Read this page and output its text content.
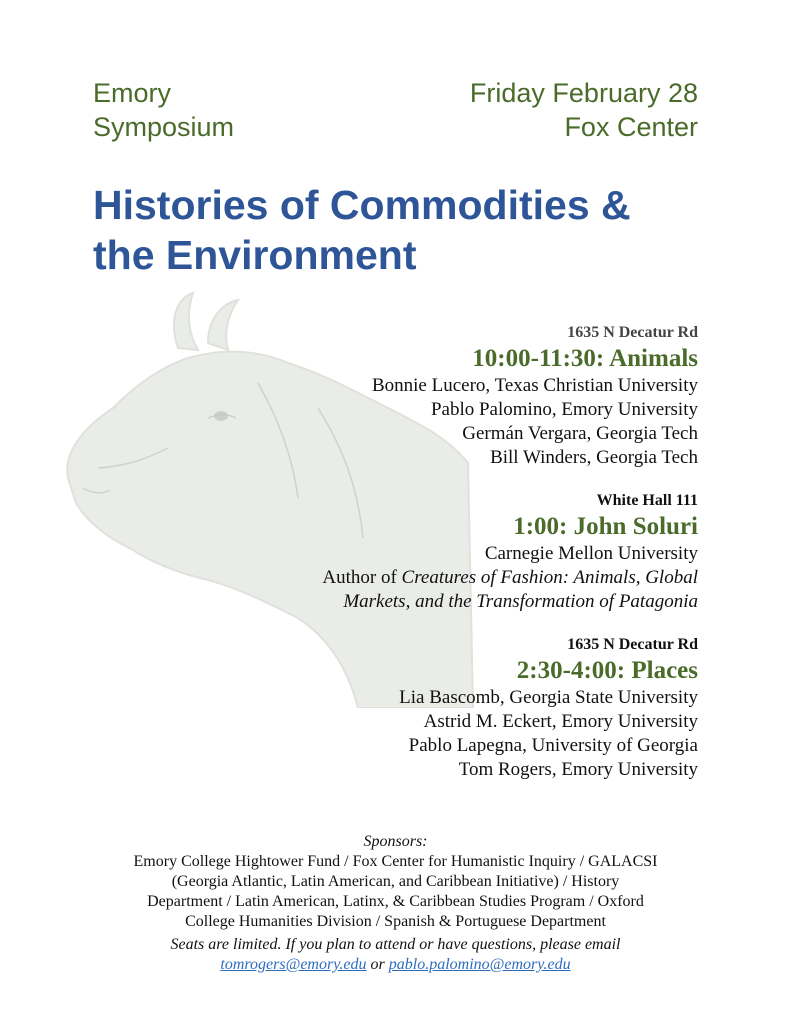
Emory
Symposium
Friday February 28
Fox Center
Histories of Commodities &
the Environment
1635 N Decatur Rd
10:00-11:30: Animals
Bonnie Lucero, Texas Christian University
Pablo Palomino, Emory University
Germán Vergara, Georgia Tech
Bill Winders, Georgia Tech
White Hall 111
1:00: John Soluri
Carnegie Mellon University
Author of Creatures of Fashion: Animals, Global
Markets, and the Transformation of Patagonia
1635 N Decatur Rd
2:30-4:00: Places
Lia Bascomb, Georgia State University
Astrid M. Eckert, Emory University
Pablo Lapegna, University of Georgia
Tom Rogers, Emory University
Sponsors:
Emory College Hightower Fund / Fox Center for Humanistic Inquiry / GALACSI
(Georgia Atlantic, Latin American, and Caribbean Initiative) / History
Department / Latin American, Latinx, & Caribbean Studies Program / Oxford
College Humanities Division / Spanish & Portuguese Department
Seats are limited. If you plan to attend or have questions, please email
tomrogers@emory.edu or pablo.palomino@emory.edu
